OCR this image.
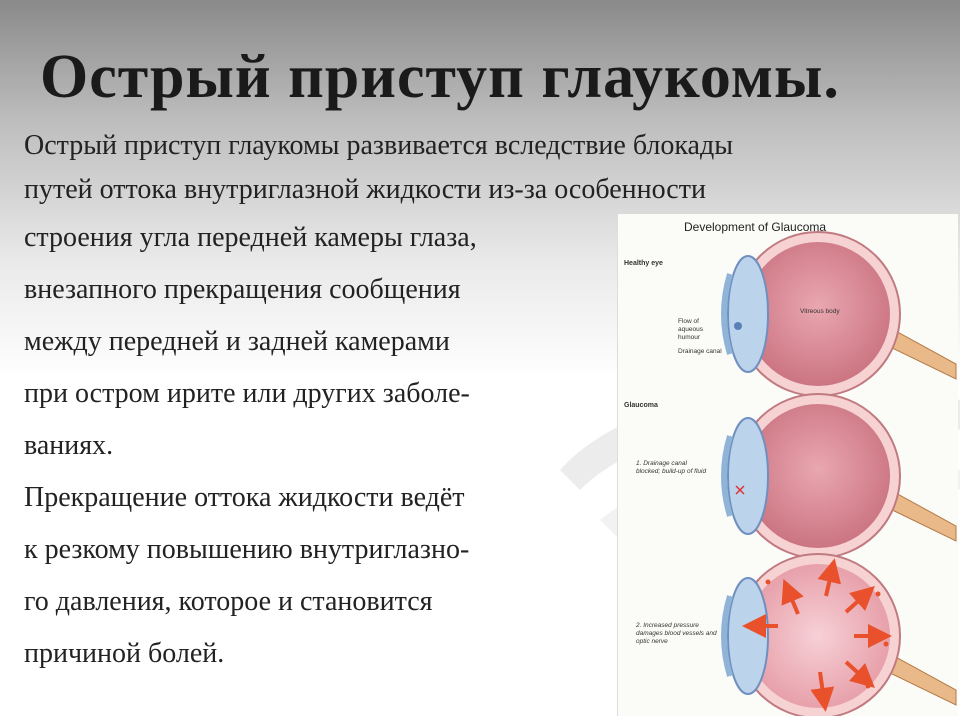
Острый приступ глаукомы.
Острый приступ глаукомы развивается вследствие блокады
путей оттока внутриглазной жидкости из-за особенности
строения угла передней камеры глаза,
внезапного прекращения сообщения
между передней и задней камерами
при остром ирите или других заболе-
ваниях.
Прекращение оттока жидкости ведёт
к резкому повышению внутриглазно-
го давления, которое и становится
причиной болей.
Development of Glaucoma
Healthy eye
Vitreous body
Flow of aqueous humour
Drainage canal
Glaucoma
1. Drainage canal blocked; build-up of fluid
2. Increased pressure damages blood vessels and optic nerve
